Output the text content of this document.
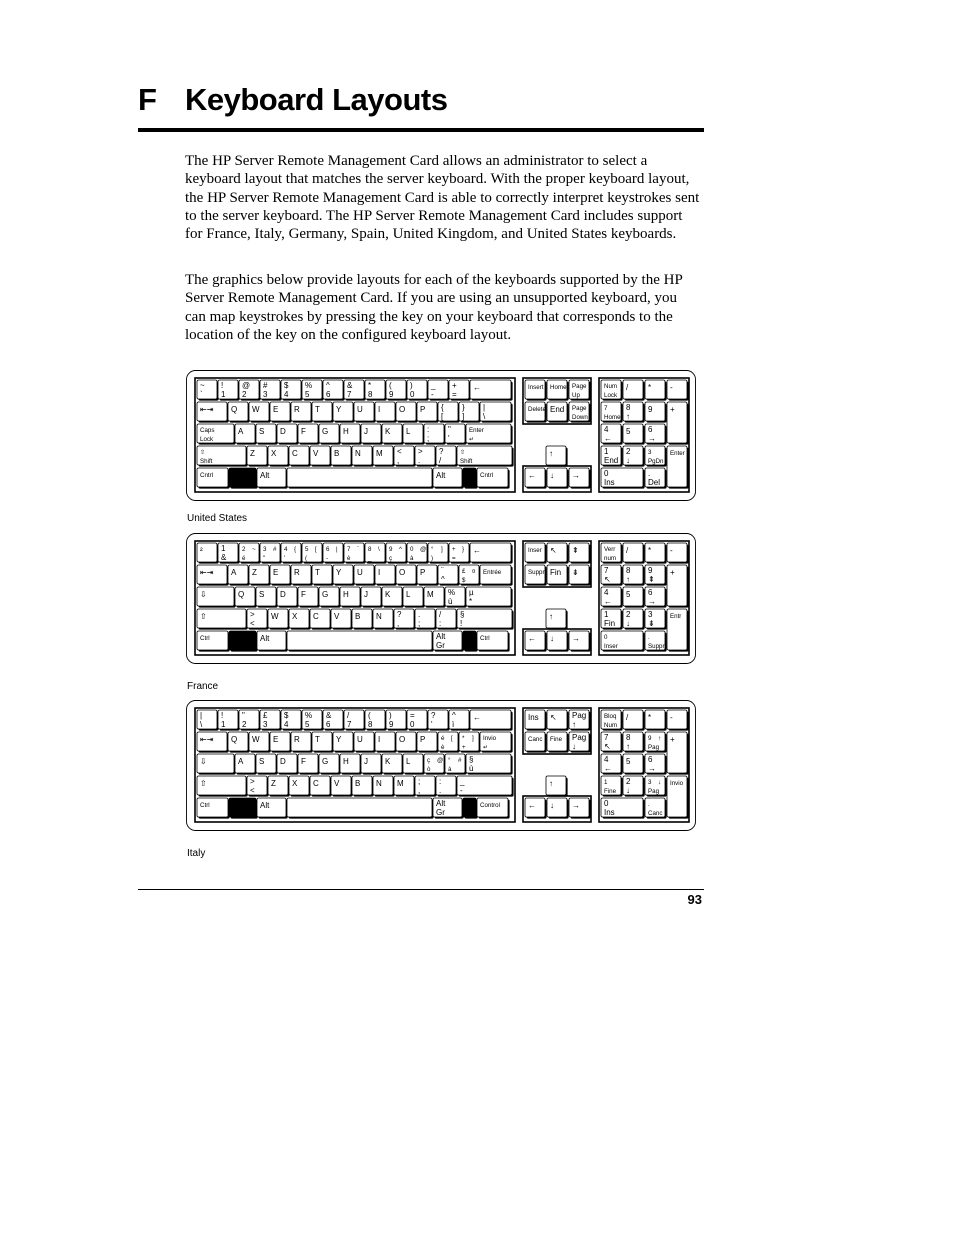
F Keyboard Layouts

The HP Server Remote Management Card allows an administrator to select a keyboard layout that matches the server keyboard. With the proper keyboard layout, the HP Server Remote Management Card is able to correctly interpret keystrokes sent to the server keyboard. The HP Server Remote Management Card includes support for France, Italy, Germany, Spain, United Kingdom, and United States keyboards.

The graphics below provide layouts for each of the keyboards supported by the HP Server Remote Management Card. If you are using an unsupported keyboard, you can map keystrokes by pressing the key on your keyboard that corresponds to the location of the key on the configured keyboard layout.

~
`
!
1
@
2
#
3
$
4
%
5
^
6
&
7
*
8
(
9
)
0
_
-
+
=
←
⇤⇥ Q W E R T Y U I O P {
[
}
]
|
\
Caps
Lock
A S D F G H J K L :
;
"
'
Enter
↵
⇧
Shift
Z X C V B N M <
,
>
.
?
/
⇧
Shift
Cntrl	Alt	Alt	Cntrl
Insert Home Page
Up
Delete End Page
Down
↑
← ↓ →
Num
Lock
/ * -
7
Home
8
↑
9 +
4
←
5 6
→
1
End
2
↓
3
PgDn
Enter
0
Ins
.
Del
United States
² 1
&
2
é
~ 3
"
# 4
'
{ 5
(
[ 6
-
| 7
è
` 8
_
\ 9
ç
^ 0
à
@ °
)
] +
=
} ←
⇤⇥ A Z E R T Y U I O P ¨
^
£
$
¤ Entrée
⇩	Q S D F G H J K L M %
ù
µ
*
⇧	>
<
W X C V B N ?
,
.
;
/
:
§
!
Ctrl	Alt	Alt
Gr
Ctrl
Inser ↖ ⇞
Suppr Fin ⇟
↑
← ↓ →
Verr
num
/ * -
7
↖
8
↑
9
⇞
+
4
←
5 6
→
1
Fin
2
↓
3
⇟
Entr
0
Inser
.
Suppr
France
|
\
!
1
"
2
£
3
$
4
%
5
&
6
/
7
(
8
)
9
=
0
?
'
^
ì
←
⇤⇥ Q W E R T Y U I O P	é
è
[ *
+
] Invio
↵
⇩	A S D F G H J K L	ç
ò
@ °
à
# §
ù
⇧	>
<
Z X C V B N M ;
,
:
.
_
-
Ctrl	Alt	Alt
Gr
Control
Ins ↖ Pag
↑
Canc Fine Pag
↓
↑
← ↓ →
Bloq
Num
/ * -
7
↖
8
↑
9
Pag
↑ +
4
←
5 6
→
1
Fine
2
↓
3
Pag
↓ Invio
0
Ins
.
Canc
Italy
93
